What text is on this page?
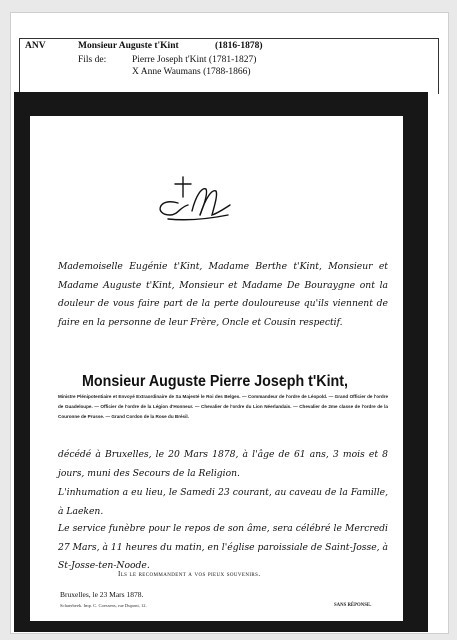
ANV	Monsieur Auguste t'Kint	(1816-1878)
Fils de:	Pierre Joseph t'Kint (1781-1827)
X Anne Waumans (1788-1866)
Mademoiselle Eugénie t'Kint, Madame Berthe t'Kint, Monsieur et Madame Auguste t'Kint, Monsieur et Madame De Bouraygne ont la douleur de vous faire part de la perte douloureuse qu'ils viennent de faire en la personne de leur Frère, Oncle et Cousin respectif.
Monsieur Auguste Pierre Joseph t'Kint,
Ministre Plénipotentiaire et Envoyé Extraordinaire de Sa Majesté le Roi des Belges. — Commandeur de l'ordre de Léopold. — Grand Officier de l'ordre de Guadeloupe. — Officier de l'ordre de la Légion d'Honneur. — Chevalier de l'ordre du Lion Néerlandais. — Chevalier de 2me classe de l'ordre de la Couronne de Prusse. — Grand Cordon de la Rose du Brésil.
décédé à Bruxelles, le 20 Mars 1878, à l'âge de 61 ans, 3 mois et 8 jours, muni des Secours de la Religion.
L'inhumation a eu lieu, le Samedi 23 courant, au caveau de la Famille, à Laeken.
Le service funèbre pour le repos de son âme, sera célébré le Mercredi 27 Mars, à 11 heures du matin, en l'église paroissiale de Saint-Josse, à St-Josse-ten-Noode.
Ils le recommandent a vos pieux souvenirs.
Bruxelles, le 23 Mars 1878.
Schaerbeek. Imp. C. Coessens, rue Dupont, 12.	SANS RÉPONSE.
